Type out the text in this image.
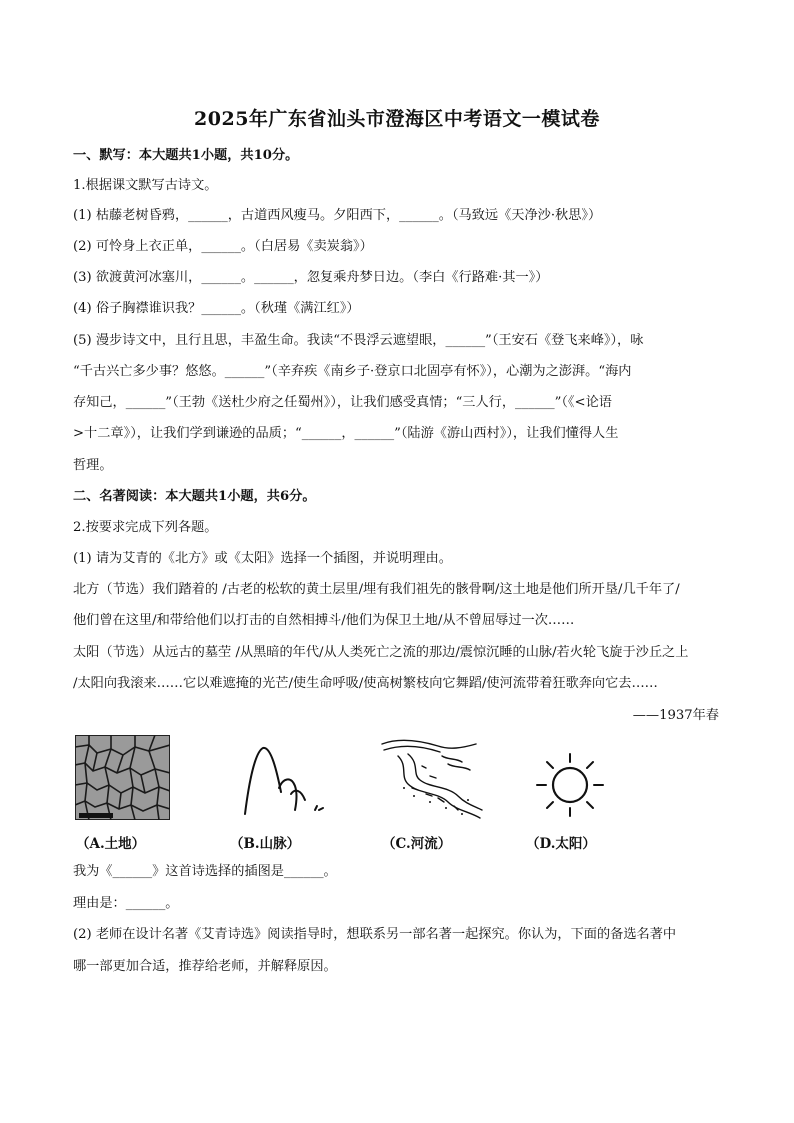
2025年广东省汕头市澄海区中考语文一模试卷
一、默写：本大题共1小题，共10分。
1.根据课文默写古诗文。
(1) 枯藤老树昏鸦，______，古道西风瘦马。夕阳西下，______。（马致远《天净沙·秋思》）
(2) 可怜身上衣正单，______。（白居易《卖炭翁》）
(3) 欲渡黄河冰塞川，______。______，忽复乘舟梦日边。（李白《行路难·其一》）
(4) 俗子胸襟谁识我？______。（秋瑾《满江红》）
(5) 漫步诗文中，且行且思，丰盈生命。我读“不畏浮云遮望眼，______”（王安石《登飞来峰》），咏
“千古兴亡多少事？悠悠。______”（辛弃疾《南乡子·登京口北固亭有怀》），心潮为之澎湃。“海内
存知己，______”（王勃《送杜少府之任蜀州》），让我们感受真情；“三人行，______”（《<论语
>十二章》），让我们学到谦逊的品质；“______，______”（陆游《游山西村》），让我们懂得人生
哲理。
二、名著阅读：本大题共1小题，共6分。
2.按要求完成下列各题。
(1) 请为艾青的《北方》或《太阳》选择一个插图，并说明理由。
北方（节选）我们踏着的 /古老的松软的黄土层里/埋有我们祖先的骸骨啊/这土地是他们所开垦/几千年了/
他们曾在这里/和带给他们以打击的自然相搏斗/他们为保卫土地/从不曾屈辱过一次……
太阳（节选）从远古的墓茔 /从黑暗的年代/从人类死亡之流的那边/震惊沉睡的山脉/若火轮飞旋于沙丘之上
/太阳向我滚来……它以难遮掩的光芒/使生命呼吸/使高树繁枝向它舞蹈/使河流带着狂歌奔向它去……
——1937年春
（A.土地）	（B.山脉）	（C.河流）	（D.太阳）
我为《______》这首诗选择的插图是______。
理由是：______。
(2) 老师在设计名著《艾青诗选》阅读指导时，想联系另一部名著一起探究。你认为，下面的备选名著中
哪一部更加合适，推荐给老师，并解释原因。
